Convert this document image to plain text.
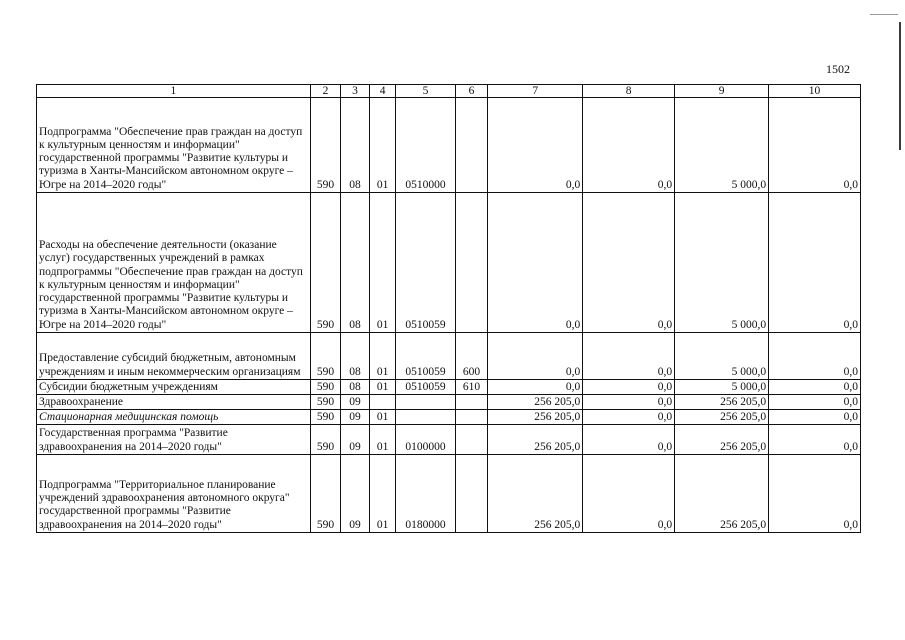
1502
1	2	3	4	5	6	7	8	9	10
Подпрограмма "Обеспечение прав граждан на доступ к культурным ценностям и информации" государственной программы "Развитие культуры и туризма в Ханты-Мансийском автономном округе – Югре на 2014–2020 годы"	590	08	01	0510000		0,0	0,0	5 000,0	0,0
Расходы на обеспечение деятельности (оказание услуг) государственных учреждений в рамках подпрограммы "Обеспечение прав граждан на доступ к культурным ценностям и информации" государственной программы "Развитие культуры и туризма в Ханты-Мансийском автономном округе – Югре на 2014–2020 годы"	590	08	01	0510059		0,0	0,0	5 000,0	0,0
Предоставление субсидий бюджетным, автономным учреждениям и иным некоммерческим организациям	590	08	01	0510059	600	0,0	0,0	5 000,0	0,0
Субсидии бюджетным учреждениям	590	08	01	0510059	610	0,0	0,0	5 000,0	0,0
Здравоохранение	590	09				256 205,0	0,0	256 205,0	0,0
Стационарная медицинская помощь	590	09	01			256 205,0	0,0	256 205,0	0,0
Государственная программа "Развитие здравоохранения на 2014–2020 годы"	590	09	01	0100000		256 205,0	0,0	256 205,0	0,0
Подпрограмма "Территориальное планирование учреждений здравоохранения автономного округа" государственной программы "Развитие здравоохранения на 2014–2020 годы"	590	09	01	0180000		256 205,0	0,0	256 205,0	0,0
